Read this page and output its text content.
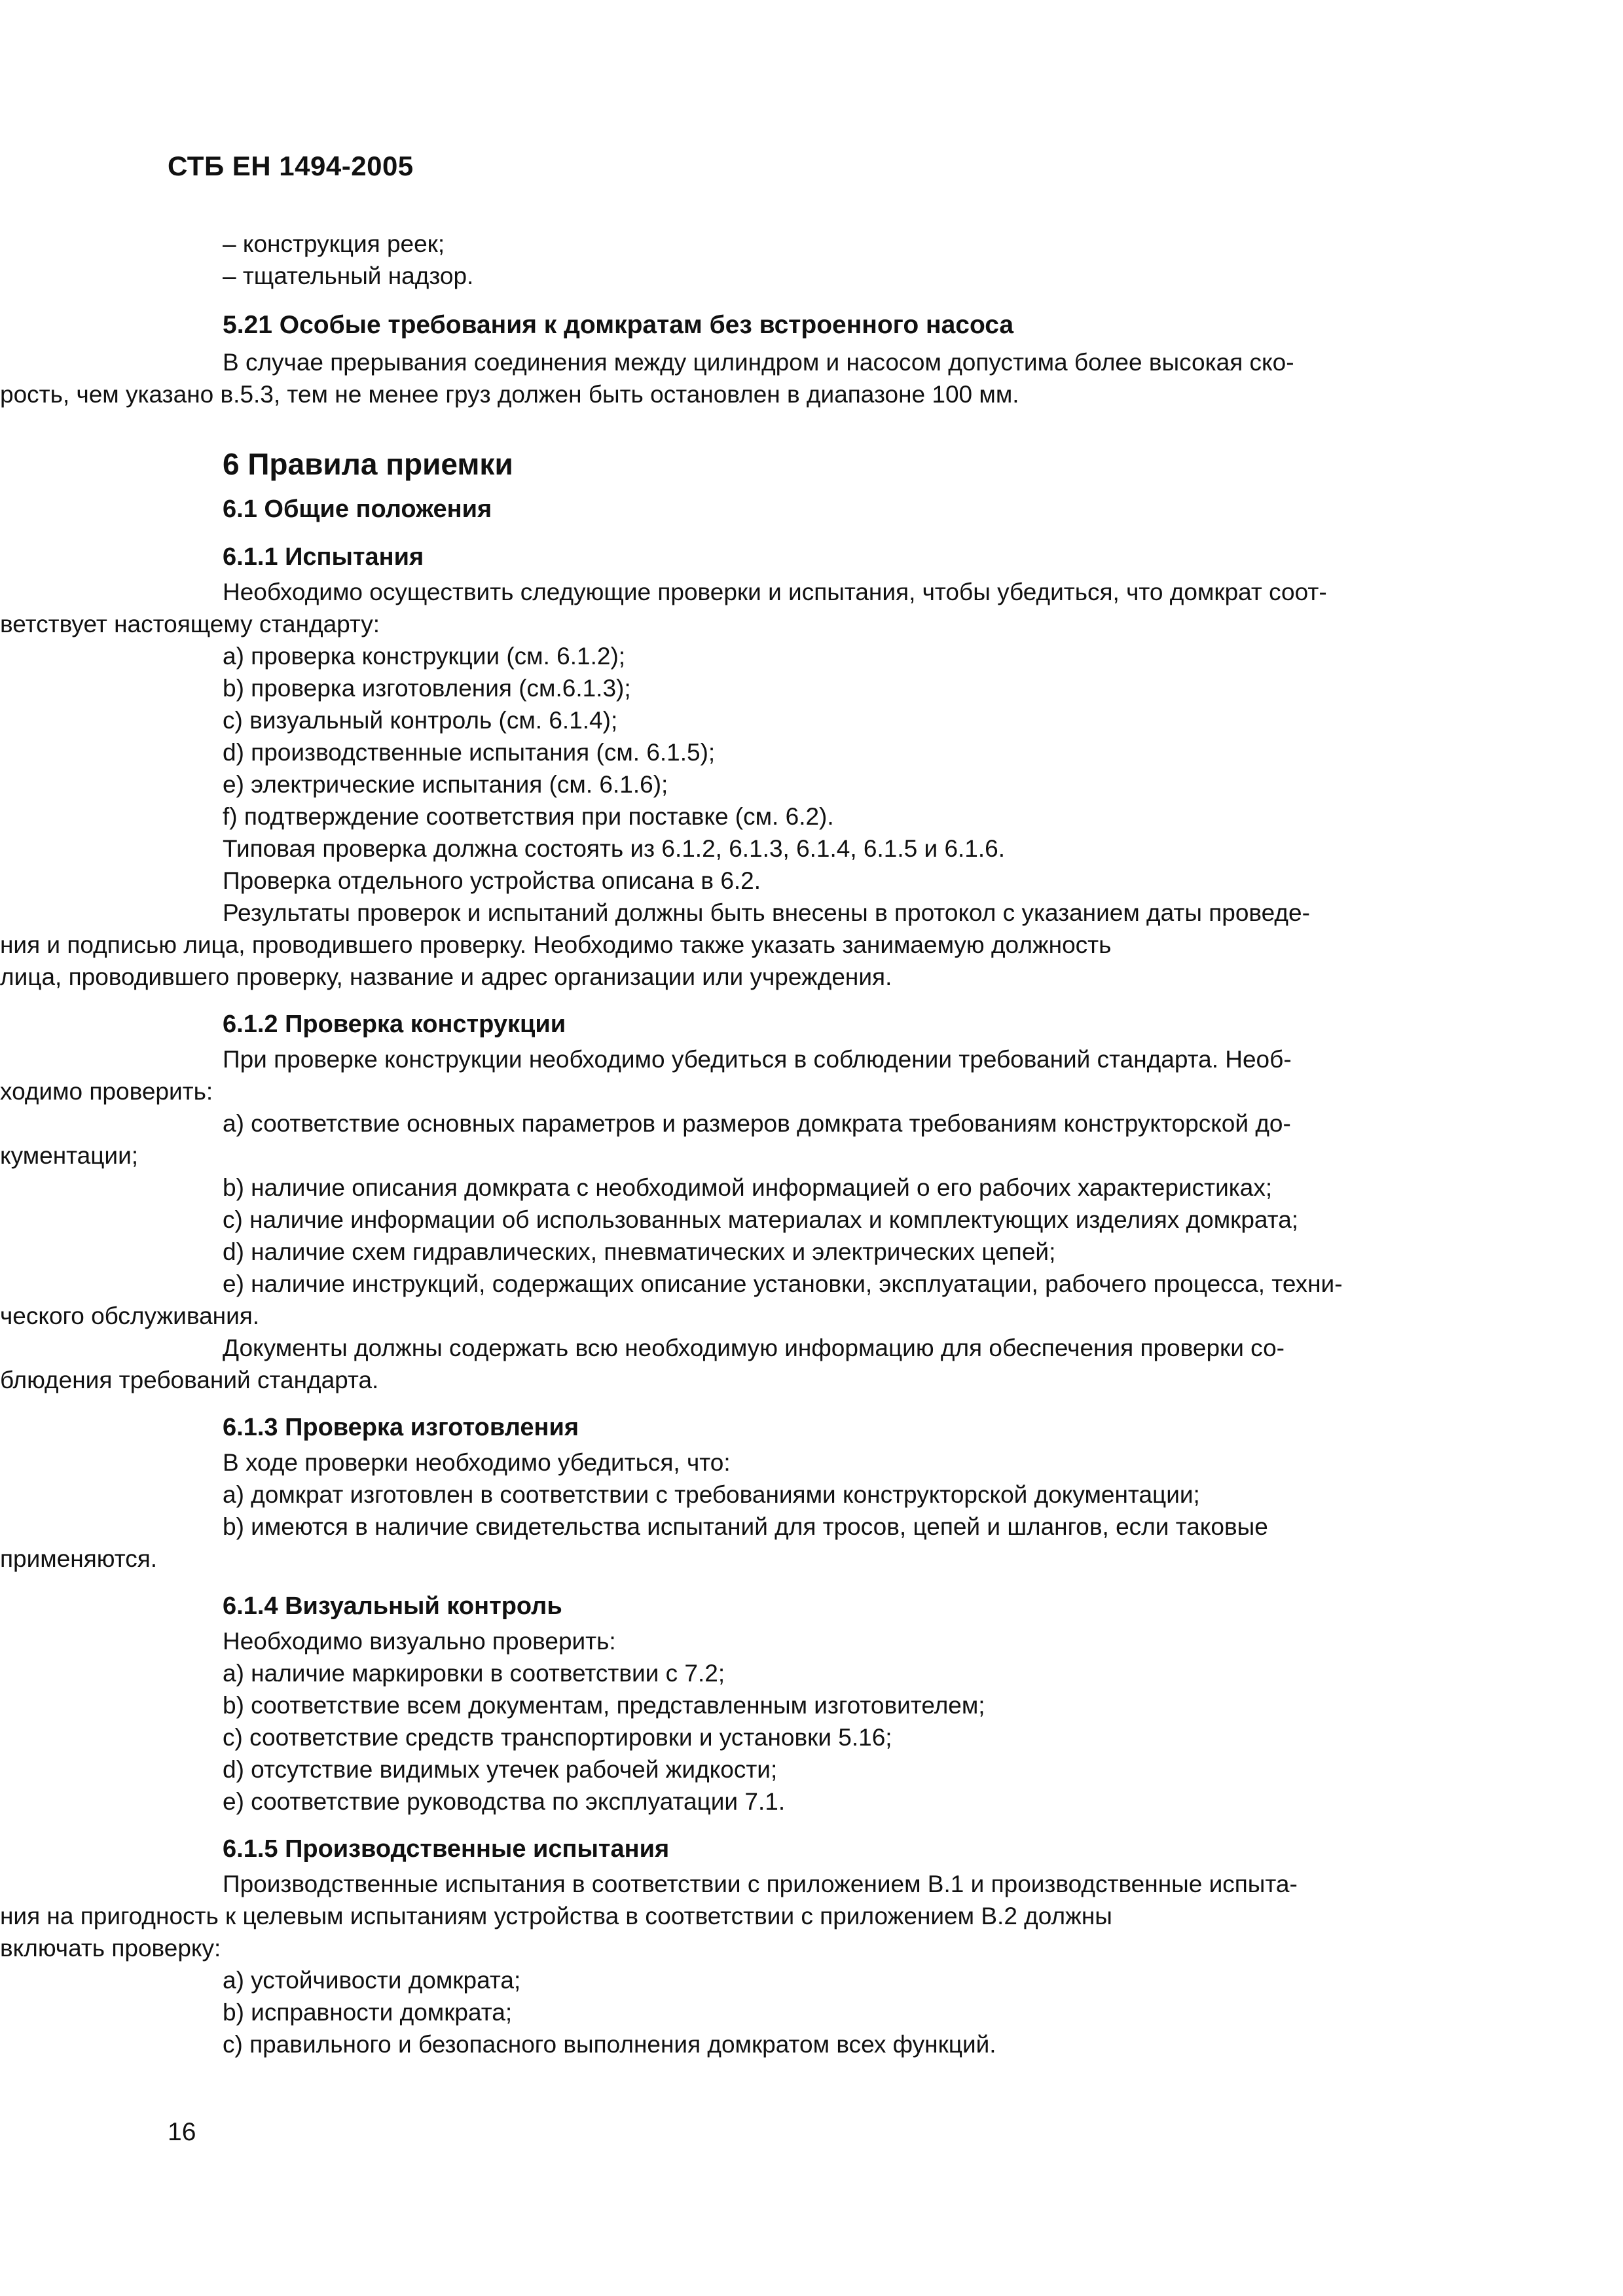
СТБ ЕН 1494-2005

– конструкция реек;

– тщательный надзор.

5.21 Особые требования к домкратам без встроенного насоса

В случае прерывания соединения между цилиндром и насосом допустима более высокая ско-

рость, чем указано в.5.3, тем не менее груз должен быть остановлен в диапазоне 100 мм.

6 Правила приемки

6.1 Общие положения

6.1.1 Испытания

Необходимо осуществить следующие проверки и испытания, чтобы убедиться, что домкрат соот-

ветствует настоящему стандарту:

a) проверка конструкции (см. 6.1.2);

b) проверка изготовления (см.6.1.3);

c) визуальный контроль (см. 6.1.4);

d) производственные испытания (см. 6.1.5);

e) электрические испытания (см. 6.1.6);

f) подтверждение соответствия при поставке (см. 6.2).

Типовая проверка должна состоять из 6.1.2, 6.1.3, 6.1.4, 6.1.5 и 6.1.6.

Проверка отдельного устройства описана в 6.2.

Результаты проверок и испытаний должны быть внесены в протокол с указанием даты проведе-

ния и подписью лица, проводившего проверку. Необходимо также указать занимаемую должность

лица, проводившего проверку, название и адрес организации или учреждения.

6.1.2 Проверка конструкции

При проверке конструкции необходимо убедиться в соблюдении требований стандарта. Необ-

ходимо проверить:

a) соответствие основных параметров и размеров домкрата требованиям конструкторской до-

кументации;

b) наличие описания домкрата с необходимой информацией о его рабочих характеристиках;

c) наличие информации об использованных материалах и комплектующих изделиях домкрата;

d) наличие схем гидравлических, пневматических и электрических цепей;

e) наличие инструкций, содержащих описание установки, эксплуатации, рабочего процесса, техни-

ческого обслуживания.

Документы должны содержать всю необходимую информацию для обеспечения проверки со-

блюдения требований стандарта.

6.1.3 Проверка изготовления

В ходе проверки необходимо убедиться, что:

a) домкрат изготовлен в соответствии с требованиями конструкторской документации;

b) имеются в наличие свидетельства испытаний для тросов, цепей и шлангов, если таковые

применяются.

6.1.4 Визуальный контроль

Необходимо визуально проверить:

a) наличие маркировки в соответствии с 7.2;

b) соответствие всем документам, представленным изготовителем;

c) соответствие средств транспортировки и установки 5.16;

d) отсутствие видимых утечек рабочей жидкости;

e) соответствие руководства по эксплуатации 7.1.

6.1.5 Производственные испытания

Производственные испытания в соответствии с приложением В.1 и производственные испыта-

ния на пригодность к целевым испытаниям устройства в соответствии с приложением В.2 должны

включать проверку:

a) устойчивости домкрата;

b) исправности домкрата;

c) правильного и безопасного выполнения домкратом всех функций.

16
